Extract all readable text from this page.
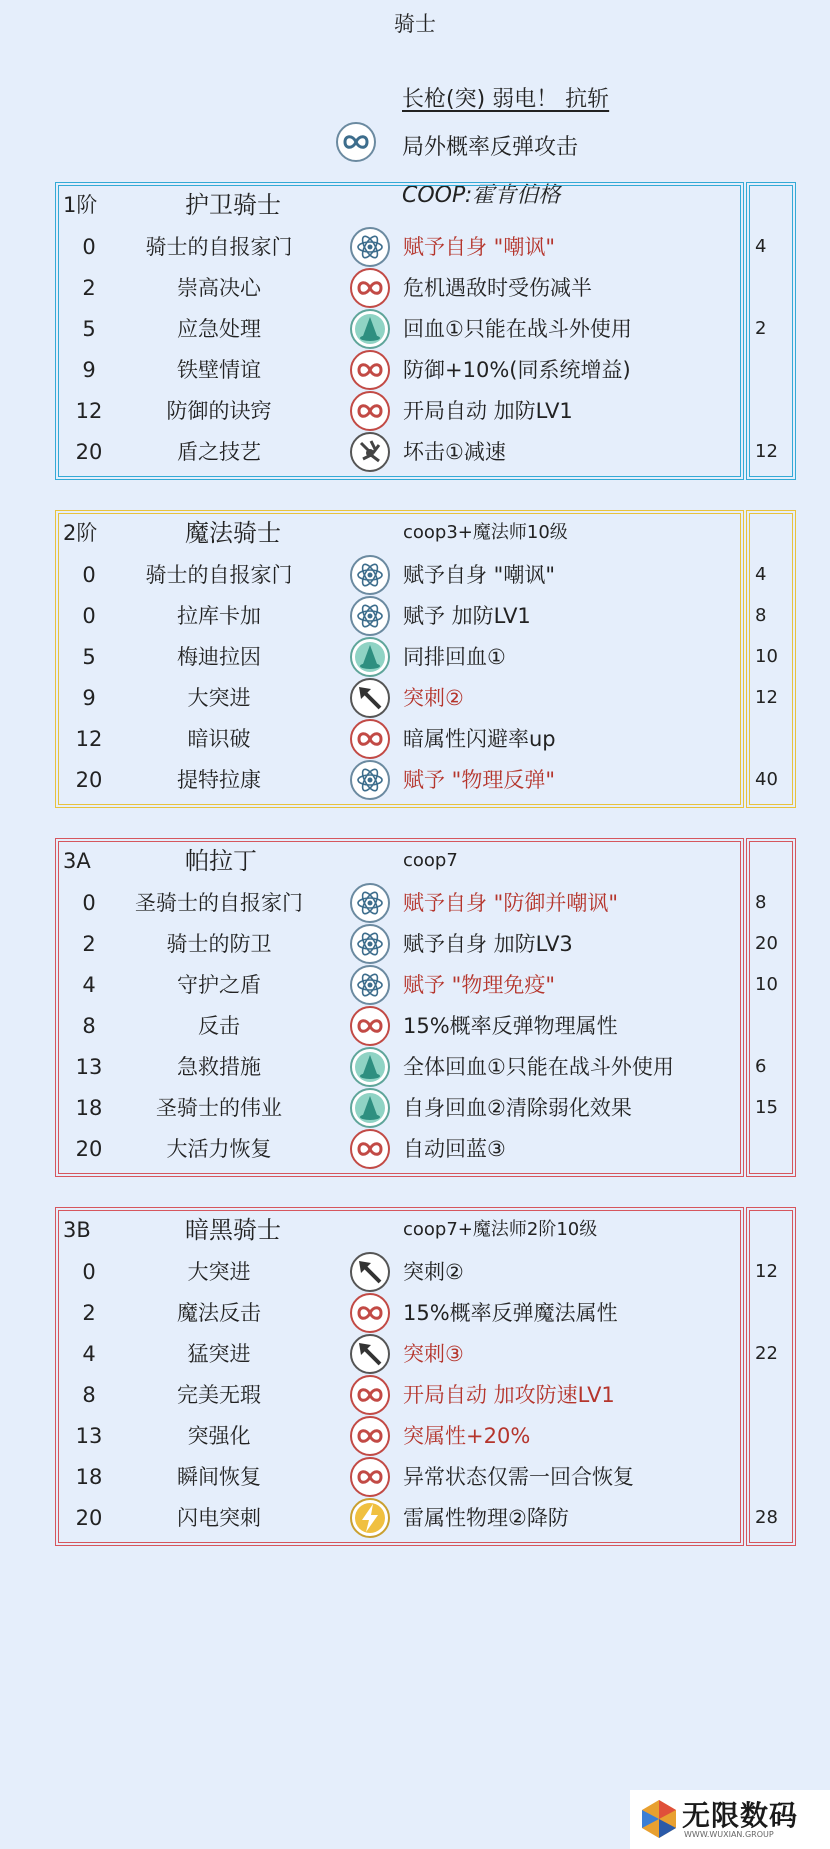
骑士
长枪(突) 弱电！ 抗斩
局外概率反弹攻击
COOP:霍肯伯格
1阶	护卫骑士
0	骑士的自报家门	赋予自身 "嘲讽"	4
2	崇高决心	危机遇敌时受伤减半
5	应急处理	回血①只能在战斗外使用	2
9	铁壁情谊	防御+10%(同系统增益)
12	防御的诀窍	开局自动 加防LV1
20	盾之技艺	坏击①减速	12
2阶	魔法骑士	coop3+魔法师10级
0	骑士的自报家门	赋予自身 "嘲讽"	4
0	拉库卡加	赋予 加防LV1	8
5	梅迪拉因	同排回血①	10
9	大突进	突刺②	12
12	暗识破	暗属性闪避率up
20	提特拉康	赋予 "物理反弹"	40
3A	帕拉丁	coop7
0	圣骑士的自报家门	赋予自身 "防御并嘲讽"	8
2	骑士的防卫	赋予自身 加防LV3	20
4	守护之盾	赋予 "物理免疫"	10
8	反击	15%概率反弹物理属性
13	急救措施	全体回血①只能在战斗外使用	6
18	圣骑士的伟业	自身回血②清除弱化效果	15
20	大活力恢复	自动回蓝③
3B	暗黑骑士	coop7+魔法师2阶10级
0	大突进	突刺②	12
2	魔法反击	15%概率反弹魔法属性
4	猛突进	突刺③	22
8	完美无瑕	开局自动 加攻防速LV1
13	突强化	突属性+20%
18	瞬间恢复	异常状态仅需一回合恢复
20	闪电突刺	雷属性物理②降防	28
无限数码
WWW.WUXIAN.GROUP
